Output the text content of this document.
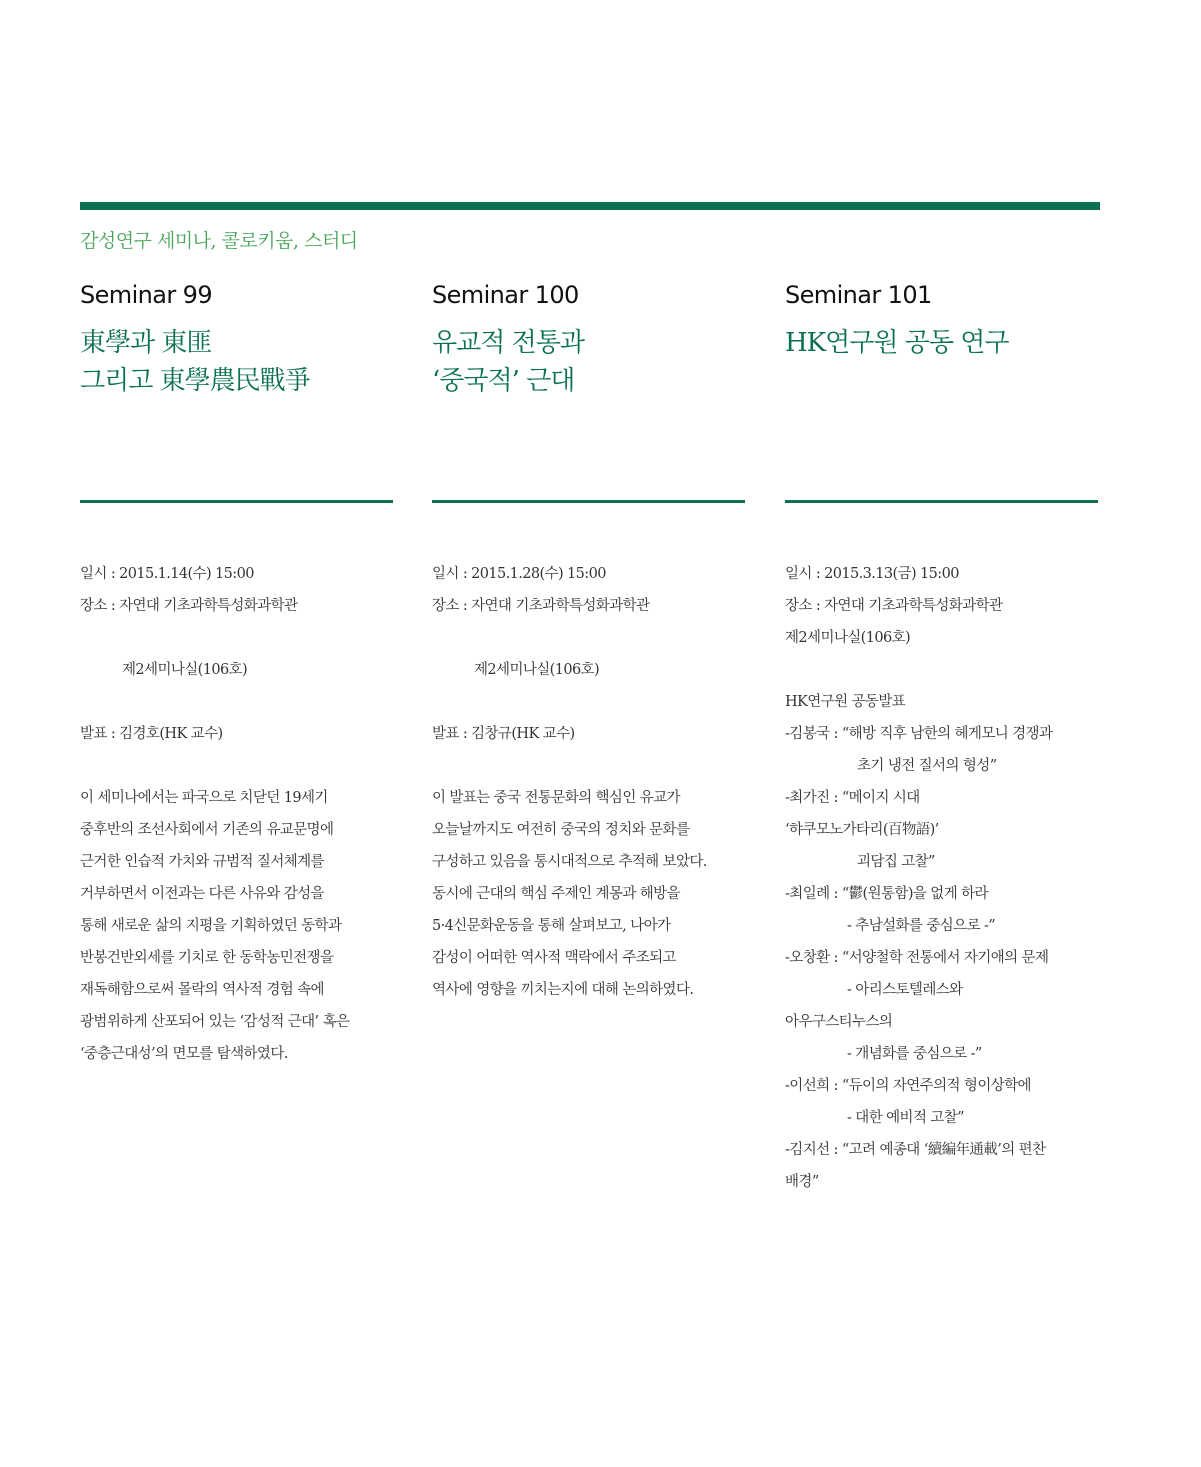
감성연구 세미나, 콜로키움, 스터디
Seminar 99
東學과 東匪
그리고 東學農民戰爭
일시 : 2015.1.14(수) 15:00
장소 : 자연대 기초과학특성화과학관
제2세미나실(106호)
발표 : 김경호(HK 교수)
이 세미나에서는 파국으로 치닫던 19세기
중후반의 조선사회에서 기존의 유교문명에
근거한 인습적 가치와 규범적 질서체계를
거부하면서 이전과는 다른 사유와 감성을
통해 새로운 삶의 지평을 기획하였던 동학과
반봉건반외세를 기치로 한 동학농민전쟁을
재독해함으로써 몰락의 역사적 경험 속에
광범위하게 산포되어 있는 ‘감성적 근대’ 혹은
‘중층근대성’의 면모를 탐색하였다.
Seminar 100
유교적 전통과
‘중국적’ 근대
일시 : 2015.1.28(수) 15:00
장소 : 자연대 기초과학특성화과학관
제2세미나실(106호)
발표 : 김창규(HK 교수)
이 발표는 중국 전통문화의 핵심인 유교가
오늘날까지도 여전히 중국의 정치와 문화를
구성하고 있음을 통시대적으로 추적해 보았다.
동시에 근대의 핵심 주제인 계몽과 해방을
5·4신문화운동을 통해 살펴보고, 나아가
감성이 어떠한 역사적 맥락에서 주조되고
역사에 영향을 끼치는지에 대해 논의하였다.
Seminar 101
HK연구원 공동 연구
일시 : 2015.3.13(금) 15:00
장소 : 자연대 기초과학특성화과학관
제2세미나실(106호)
HK연구원 공동발표
-김봉국 : “해방 직후 남한의 헤게모니 경쟁과
초기 냉전 질서의 형성”
-최가진 : “메이지 시대
‘햐쿠모노가타리(百物語)’
괴담집 고찰”
-최일례 : “鬱(원통함)을 없게 하라
- 추남설화를 중심으로 -”
-오창환 : “서양철학 전통에서 자기애의 문제
- 아리스토텔레스와
아우구스티누스의
- 개념화를 중심으로 -”
-이선희 : “듀이의 자연주의적 형이상학에
- 대한 예비적 고찰”
-김지선 : “고려 예종대 ‘續編年通載’의 편찬
배경”
